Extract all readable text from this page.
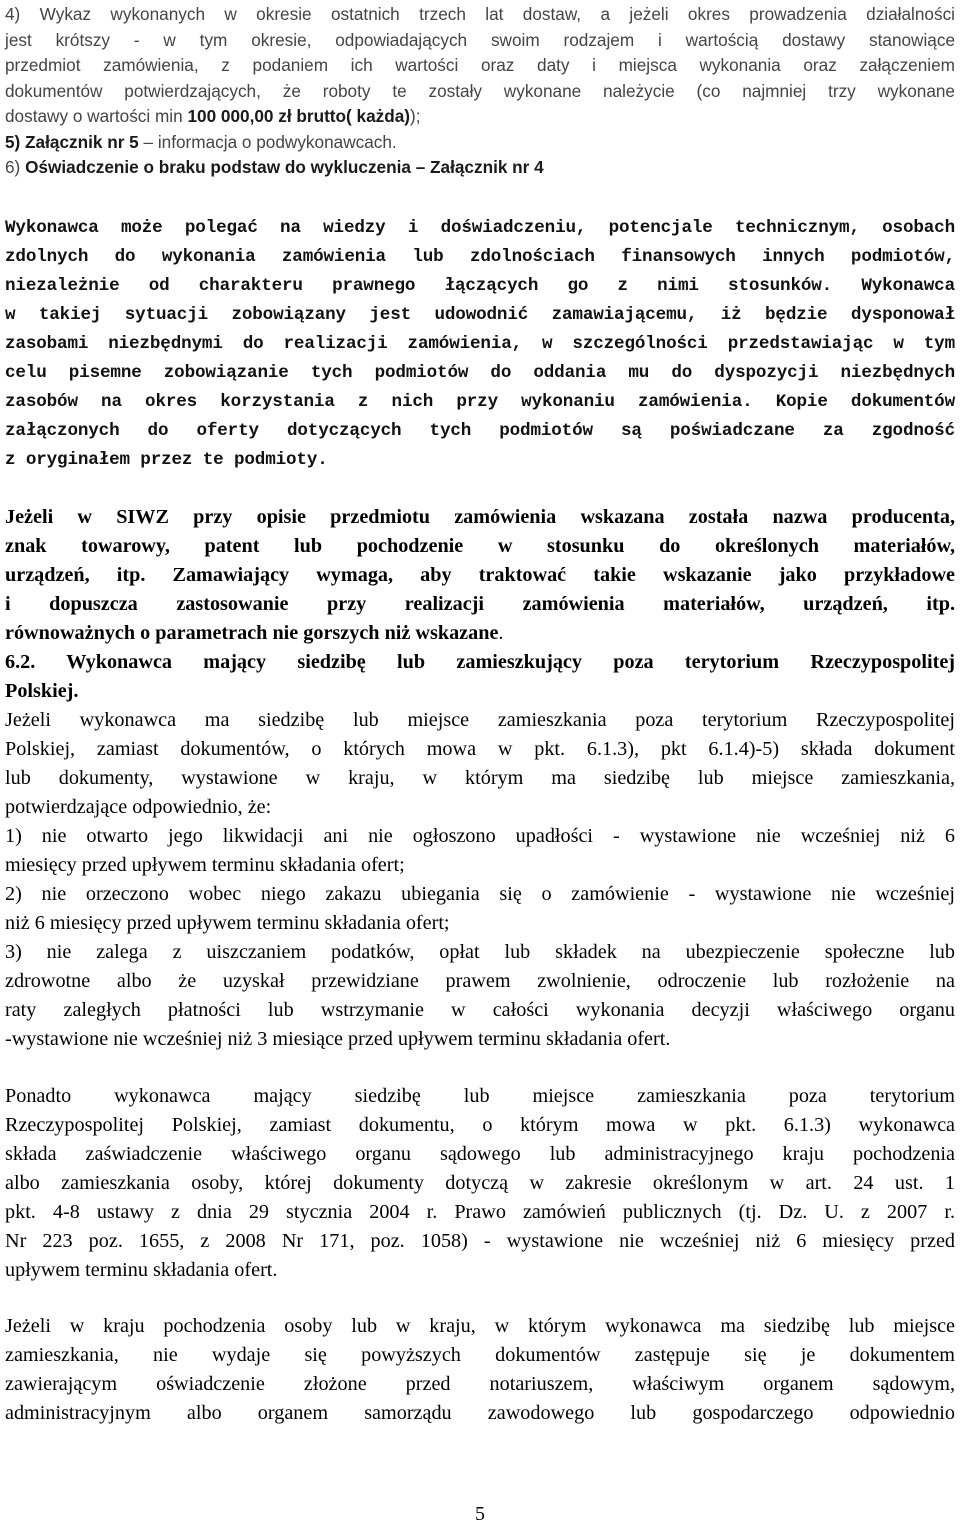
4) Wykaz wykonanych w okresie ostatnich trzech lat dostaw, a jeżeli okres prowadzenia działalności
jest krótszy - w tym okresie, odpowiadających swoim rodzajem i wartością dostawy stanowiące
przedmiot zamówienia, z podaniem ich wartości oraz daty i miejsca wykonania oraz załączeniem
dokumentów potwierdzających, że roboty te zostały wykonane należycie (co najmniej trzy wykonane
dostawy o wartości min 100 000,00 zł brutto( każda));
5) Załącznik nr 5 – informacja o podwykonawcach.
6) Oświadczenie o braku podstaw do wykluczenia – Załącznik nr 4
Wykonawca może polegać na wiedzy i doświadczeniu, potencjale technicznym, osobach
zdolnych do wykonania zamówienia lub zdolnościach finansowych innych podmiotów,
niezależnie od charakteru prawnego łączących go z nimi stosunków. Wykonawca
w takiej sytuacji zobowiązany jest udowodnić zamawiającemu, iż będzie dysponował
zasobami niezbędnymi do realizacji zamówienia, w szczególności przedstawiając w tym
celu pisemne zobowiązanie tych podmiotów do oddania mu do dyspozycji niezbędnych
zasobów na okres korzystania z nich przy wykonaniu zamówienia. Kopie dokumentów
załączonych do oferty dotyczących tych podmiotów są poświadczane za zgodność
z oryginałem przez te podmioty.
Jeżeli w SIWZ przy opisie przedmiotu zamówienia wskazana została nazwa producenta,
znak towarowy, patent lub pochodzenie w stosunku do określonych materiałów,
urządzeń, itp. Zamawiający wymaga, aby traktować takie wskazanie jako przykładowe
i dopuszcza zastosowanie przy realizacji zamówienia materiałów, urządzeń, itp.
równoważnych o parametrach nie gorszych niż wskazane.
6.2. Wykonawca mający siedzibę lub zamieszkujący poza terytorium Rzeczypospolitej
Polskiej.
Jeżeli wykonawca ma siedzibę lub miejsce zamieszkania poza terytorium Rzeczypospolitej
Polskiej, zamiast dokumentów, o których mowa w pkt. 6.1.3), pkt 6.1.4)-5) składa dokument
lub dokumenty, wystawione w kraju, w którym ma siedzibę lub miejsce zamieszkania,
potwierdzające odpowiednio, że:
1) nie otwarto jego likwidacji ani nie ogłoszono upadłości - wystawione nie wcześniej niż 6
miesięcy przed upływem terminu składania ofert;
2) nie orzeczono wobec niego zakazu ubiegania się o zamówienie - wystawione nie wcześniej
niż 6 miesięcy przed upływem terminu składania ofert;
3) nie zalega z uiszczaniem podatków, opłat lub składek na ubezpieczenie społeczne lub
zdrowotne albo że uzyskał przewidziane prawem zwolnienie, odroczenie lub rozłożenie na
raty zaległych płatności lub wstrzymanie w całości wykonania decyzji właściwego organu
-wystawione nie wcześniej niż 3 miesiące przed upływem terminu składania ofert.
Ponadto wykonawca mający siedzibę lub miejsce zamieszkania poza terytorium
Rzeczypospolitej Polskiej, zamiast dokumentu, o którym mowa w pkt. 6.1.3) wykonawca
składa zaświadczenie właściwego organu sądowego lub administracyjnego kraju pochodzenia
albo zamieszkania osoby, której dokumenty dotyczą w zakresie określonym w art. 24 ust. 1
pkt. 4-8 ustawy z dnia 29 stycznia 2004 r. Prawo zamówień publicznych (tj. Dz. U. z 2007 r.
Nr 223 poz. 1655, z 2008 Nr 171, poz. 1058) - wystawione nie wcześniej niż 6 miesięcy przed
upływem terminu składania ofert.
Jeżeli w kraju pochodzenia osoby lub w kraju, w którym wykonawca ma siedzibę lub miejsce
zamieszkania, nie wydaje się powyższych dokumentów zastępuje się je dokumentem
zawierającym oświadczenie złożone przed notariuszem, właściwym organem sądowym,
administracyjnym albo organem samorządu zawodowego lub gospodarczego odpowiednio
5
